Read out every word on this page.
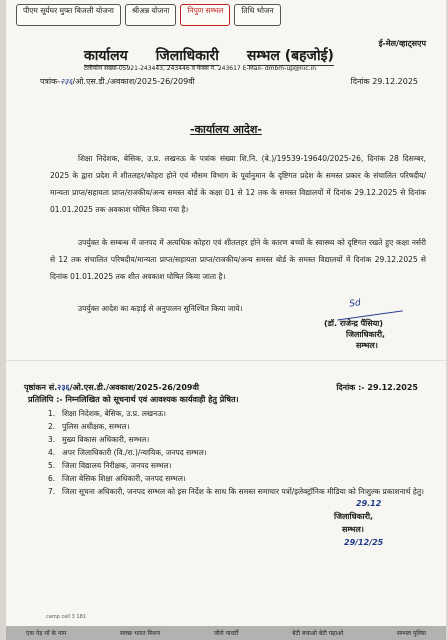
पीएम सूर्यघर मुफ्त बिजली योजना	श्रीअन्न योजना	निपुण सम्भल	तिथि भोजन
ई-मेल/व्हाट्सएप
कार्यालय जिलाधिकारी सम्भल (बहजोई)
टेलीफोन संख्या-05921-243443, 243446 व फैक्स नं. 243617 E-Mail- dmbm-up@nic.in
पत्रांक-२३६/ओ.एस.डी./अवकाश/2025-26/209वी	दिनांक 29.12.2025
-कार्यालय आदेश-
शिक्षा निदेशक, बेसिक, उ.प्र. लखनऊ के पत्रांक संख्या शि.नि. (बे.)/19539-19640/2025-26, दिनांक 28 दिसम्बर, 2025 के द्वारा प्रदेश में शीतलहर/कोहरा होने एवं मौसम विभाग के पूर्वानुमान के दृष्टिगत प्रदेश के समस्त प्रकार के संचालित परिषदीय/मान्यता प्राप्त/सहायता प्राप्त/राजकीय/अन्य समस्त बोर्ड के कक्षा 01 से 12 तक के समस्त विद्यालयों में दिनांक 29.12.2025 से दिनांक 01.01.2025 तक अवकाश घोषित किया गया है।
उपर्युक्त के सम्बन्ध में जनपद में अत्यधिक कोहरा एवं शीतलहर होने के कारण बच्चों के स्वास्थ्य को दृष्टिगत रखते हुए कक्षा नर्सरी से 12 तक संचालित परिषदीय/मान्यता प्राप्त/सहायता प्राप्त/राजकीय/अन्य समस्त बोर्ड के समस्त विद्यालयों में दिनांक 29.12.2025 से दिनांक 01.01.2025 तक शीत अवकाश घोषित किया जाता है।
उपर्युक्त आदेश का कड़ाई से अनुपालन सुनिश्चित किया जाये।	Sd
(डॉ. राजेन्द्र पैंसिया)
जिलाधिकारी,
सम्भल।
पृष्ठांकन सं.२३६/ओ.एस.डी./अवकाश/2025-26/209वी	दिनांक :- 29.12.2025
प्रतिलिपि :- निम्नलिखित को सूचनार्थ एवं आवश्यक कार्यवाही हेतु प्रेषित।
1. शिक्षा निदेशक, बेसिक, उ.प्र. लखनऊ।
2. पुलिस अधीक्षक, सम्भल।
3. मुख्य विकास अधिकारी, सम्भल।
4. अपर जिलाधिकारी (वि./रा.)/न्यायिक, जनपद सम्भल।
5. जिला विद्यालय निरीक्षक, जनपद सम्भल।
6. जिला बेसिक शिक्षा अधिकारी, जनपद सम्भल।
7. जिला सूचना अधिकारी, जनपद सम्भल को इस निर्देश के साथ कि समस्त समाचार पत्रों/इलेक्ट्रॉनिक मीडिया को निःशुल्क प्रकाशनार्थ हेतु।
29.12
जिलाधिकारी,
सम्भल।
29/12/25
camp cell 3 181
एक पेड़ माँ के नाम	स्वच्छ भारत मिशन	जीरो पावर्टी	बेटी बचाओ बेटी पढ़ाओ	सम्भल पुलिस
